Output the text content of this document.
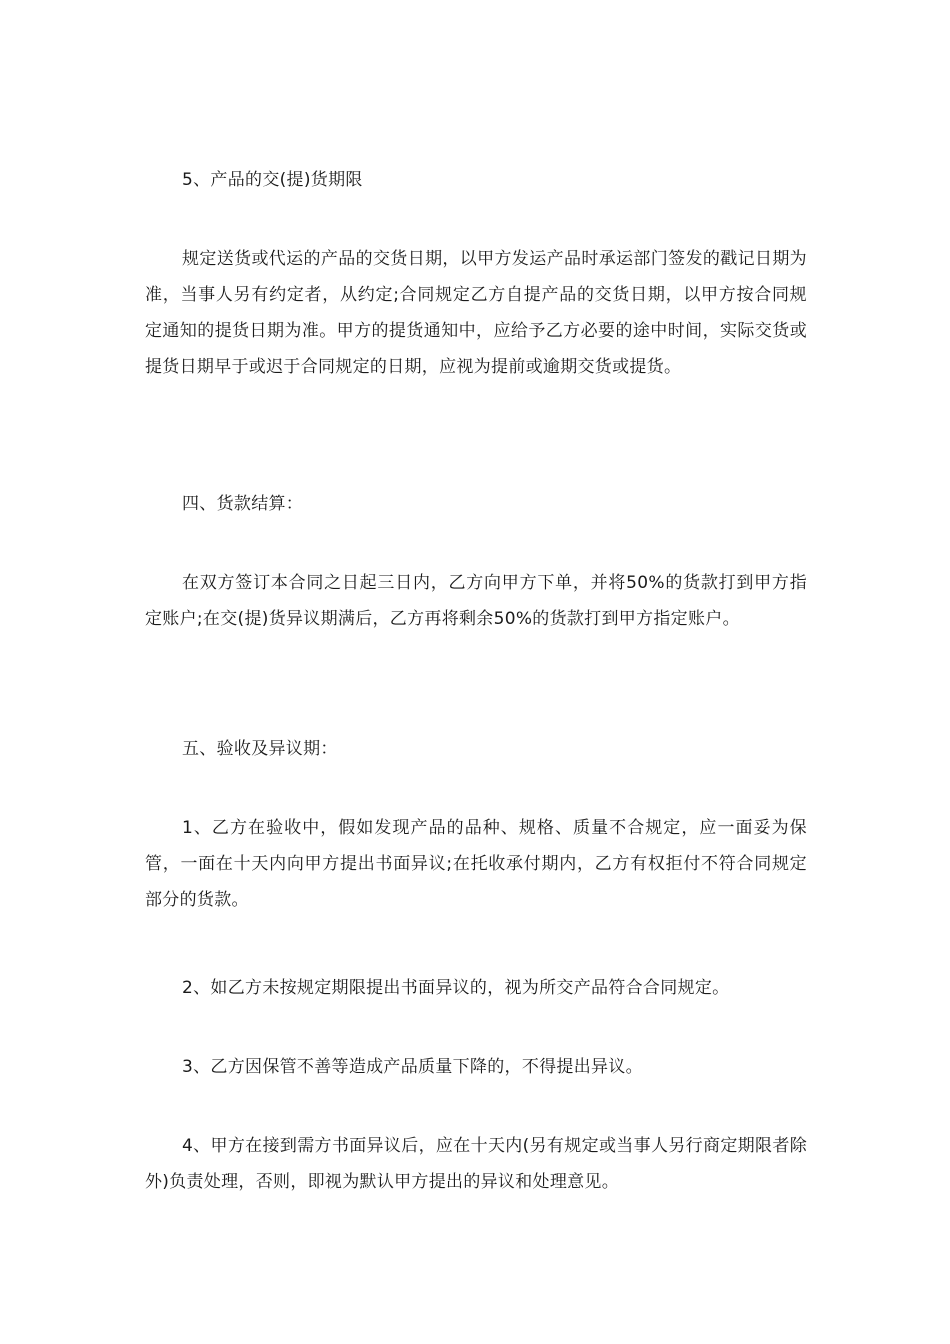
5、产品的交(提)货期限

规定送货或代运的产品的交货日期，以甲方发运产品时承运部门签发的戳记日期为准，当事人另有约定者，从约定;合同规定乙方自提产品的交货日期，以甲方按合同规定通知的提货日期为准。甲方的提货通知中，应给予乙方必要的途中时间，实际交货或提货日期早于或迟于合同规定的日期，应视为提前或逾期交货或提货。

四、货款结算：

在双方签订本合同之日起三日内，乙方向甲方下单，并将50%的货款打到甲方指定账户;在交(提)货异议期满后，乙方再将剩余50%的货款打到甲方指定账户。

五、验收及异议期：

1、乙方在验收中，假如发现产品的品种、规格、质量不合规定，应一面妥为保管，一面在十天内向甲方提出书面异议;在托收承付期内，乙方有权拒付不符合同规定部分的货款。

2、如乙方未按规定期限提出书面异议的，视为所交产品符合合同规定。

3、乙方因保管不善等造成产品质量下降的，不得提出异议。

4、甲方在接到需方书面异议后，应在十天内(另有规定或当事人另行商定期限者除外)负责处理，否则，即视为默认甲方提出的异议和处理意见。
